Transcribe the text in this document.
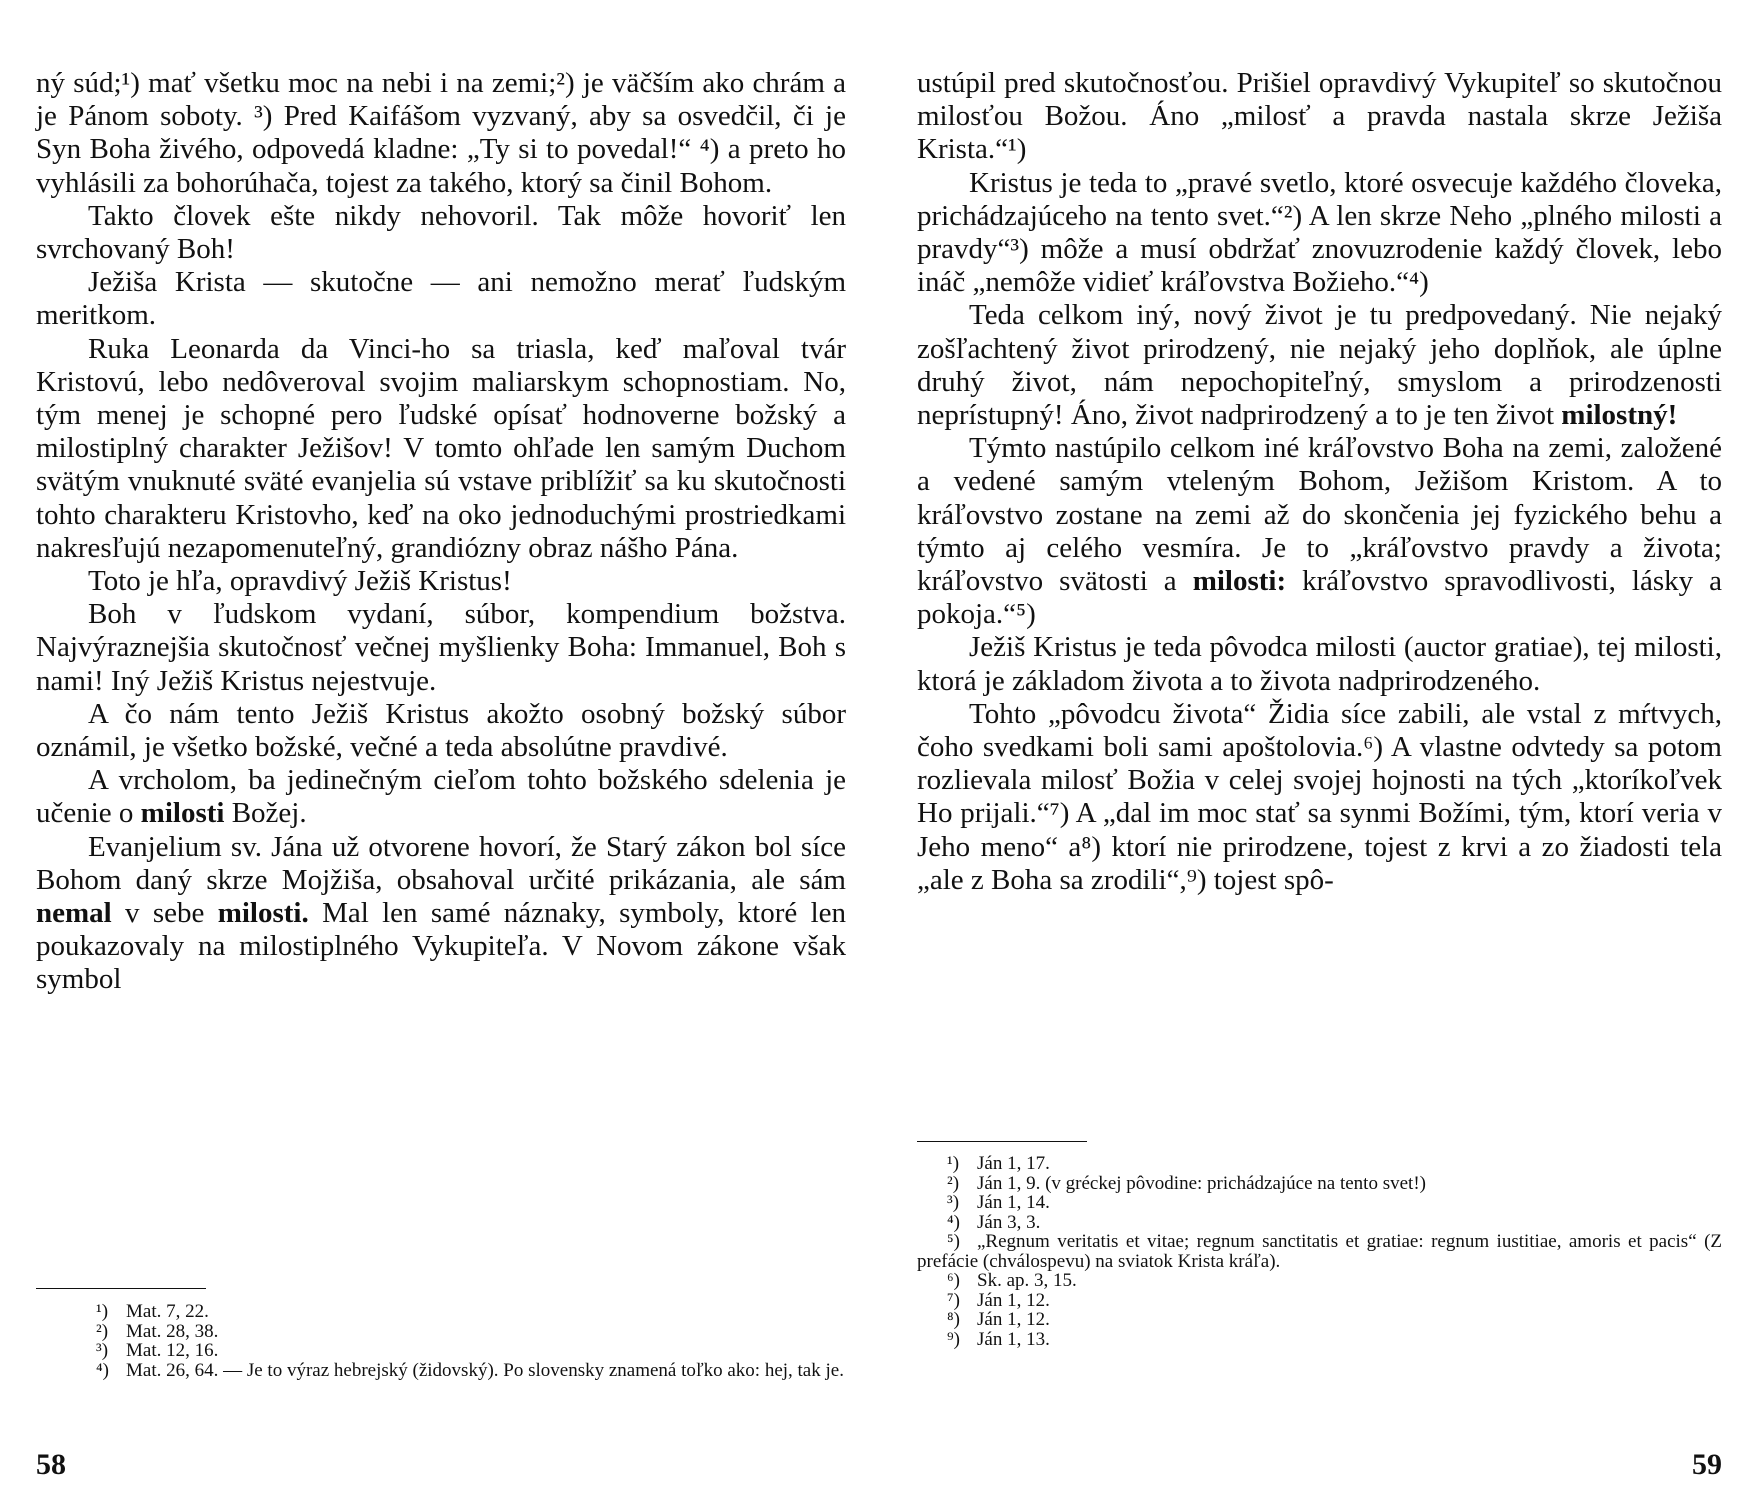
ný súd;¹) mať všetku moc na nebi i na zemi;²) je väčším ako chrám a je Pánom soboty. ³) Pred Kaifášom vyzvaný, aby sa osvedčil, či je Syn Boha živého, odpovedá kladne: „Ty si to povedal!“ ⁴) a preto ho vyhlásili za bohorúhača, tojest za takého, ktorý sa činil Bohom.

Takto človek ešte nikdy nehovoril. Tak môže hovoriť len svrchovaný Boh!

Ježiša Krista — skutočne — ani nemožno merať ľudským meritkom.

Ruka Leonarda da Vinci-ho sa triasla, keď maľoval tvár Kristovú, lebo nedôveroval svojim maliarskym schopnostiam. No, tým menej je schopné pero ľudské opísať hodnoverne božský a milostiplný charakter Ježišov! V tomto ohľade len samým Duchom svätým vnuknuté sväté evanjelia sú vstave priblížiť sa ku skutočnosti tohto charakteru Kristovho, keď na oko jednoduchými prostriedkami nakresľujú nezapomenuteľný, grandiózny obraz nášho Pána.

Toto je hľa, opravdivý Ježiš Kristus!

Boh v ľudskom vydaní, súbor, kompendium božstva. Najvýraznejšia skutočnosť večnej myšlienky Boha: Immanuel, Boh s nami! Iný Ježiš Kristus nejestvuje.

A čo nám tento Ježiš Kristus akožto osobný božský súbor oznámil, je všetko božské, večné a teda absolútne pravdivé.

A vrcholom, ba jedinečným cieľom tohto božského sdelenia je učenie o milosti Božej.

Evanjelium sv. Jána už otvorene hovorí, že Starý zákon bol síce Bohom daný skrze Mojžiša, obsahoval určité prikázania, ale sám nemal v sebe milosti. Mal len samé náznaky, symboly, ktoré len poukazovaly na milostiplného Vykupiteľa. V Novom zákone však symbol

¹) Mat. 7, 22.

²) Mat. 28, 38.

³) Mat. 12, 16.

⁴) Mat. 26, 64. — Je to výraz hebrejský (židovský). Po slovensky znamená toľko ako: hej, tak je.

58

ustúpil pred skutočnosťou. Prišiel opravdivý Vykupiteľ so skutočnou milosťou Božou. Áno „milosť a pravda nastala skrze Ježiša Krista.“¹)

Kristus je teda to „pravé svetlo, ktoré osvecuje každého človeka, prichádzajúceho na tento svet.“²) A len skrze Neho „plného milosti a pravdy“³) môže a musí obdržať znovuzrodenie každý človek, lebo ináč „nemôže vidieť kráľovstva Božieho.“⁴)

Teda celkom iný, nový život je tu predpovedaný. Nie nejaký zošľachtený život prirodzený, nie nejaký jeho doplňok, ale úplne druhý život, nám nepochopiteľný, smyslom a prirodzenosti neprístupný! Áno, život nadprirodzený a to je ten život milostný!

Týmto nastúpilo celkom iné kráľovstvo Boha na zemi, založené a vedené samým vteleným Bohom, Ježišom Kristom. A to kráľovstvo zostane na zemi až do skončenia jej fyzického behu a týmto aj celého vesmíra. Je to „kráľovstvo pravdy a života; kráľovstvo svätosti a milosti: kráľovstvo spravodlivosti, lásky a pokoja.“⁵)

Ježiš Kristus je teda pôvodca milosti (auctor gratiae), tej milosti, ktorá je základom života a to života nadprirodzeného.

Tohto „pôvodcu života“ Židia síce zabili, ale vstal z mŕtvych, čoho svedkami boli sami apoštolovia.⁶) A vlastne odvtedy sa potom rozlievala milosť Božia v celej svojej hojnosti na tých „ktoríkoľvek Ho prijali.“⁷) A „dal im moc stať sa synmi Božími, tým, ktorí veria v Jeho meno“ a⁸) ktorí nie prirodzene, tojest z krvi a zo žiadosti tela „ale z Boha sa zrodili“,⁹) tojest spô-

¹) Ján 1, 17.

²) Ján 1, 9. (v gréckej pôvodine: prichádzajúce na tento svet!)

³) Ján 1, 14.

⁴) Ján 3, 3.

⁵) „Regnum veritatis et vitae; regnum sanctitatis et gratiae: regnum iustitiae, amoris et pacis“ (Z prefácie (chválospevu) na sviatok Krista kráľa).

⁶) Sk. ap. 3, 15.

⁷) Ján 1, 12.

⁸) Ján 1, 12.

⁹) Ján 1, 13.

59
